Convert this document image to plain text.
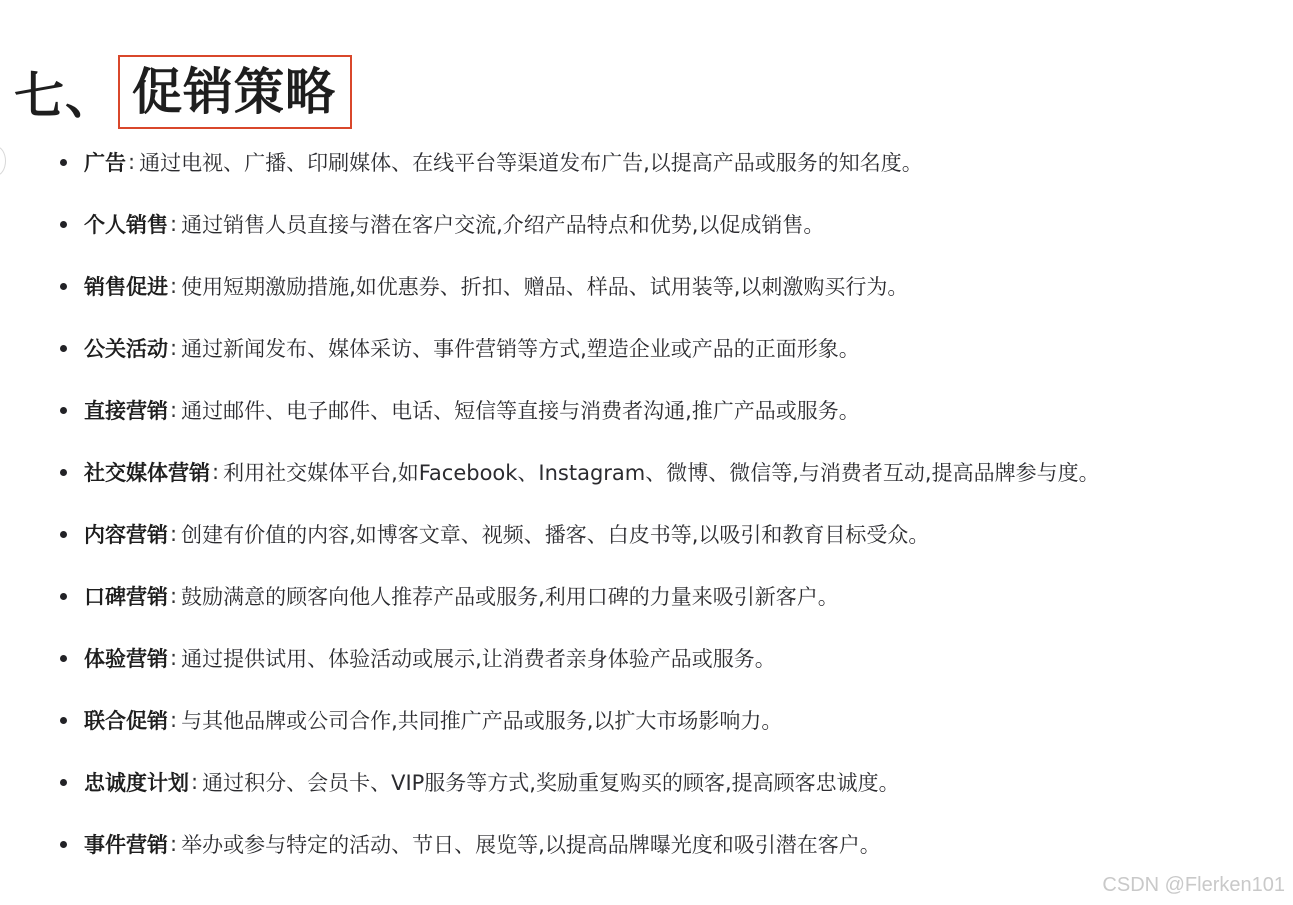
七、 促销策略
广告 : 通过电视、广播、印刷媒体、在线平台等渠道发布广告,以提高产品或服务的知名度。
个人销售 : 通过销售人员直接与潜在客户交流,介绍产品特点和优势,以促成销售。
销售促进 : 使用短期激励措施,如优惠券、折扣、赠品、样品、试用装等,以刺激购买行为。
公关活动 : 通过新闻发布、媒体采访、事件营销等方式,塑造企业或产品的正面形象。
直接营销 : 通过邮件、电子邮件、电话、短信等直接与消费者沟通,推广产品或服务。
社交媒体营销 : 利用社交媒体平台,如Facebook、Instagram、微博、微信等,与消费者互动,提高品牌参与度。
内容营销 : 创建有价值的内容,如博客文章、视频、播客、白皮书等,以吸引和教育目标受众。
口碑营销 : 鼓励满意的顾客向他人推荐产品或服务,利用口碑的力量来吸引新客户。
体验营销 : 通过提供试用、体验活动或展示,让消费者亲身体验产品或服务。
联合促销 : 与其他品牌或公司合作,共同推广产品或服务,以扩大市场影响力。
忠诚度计划 : 通过积分、会员卡、VIP服务等方式,奖励重复购买的顾客,提高顾客忠诚度。
事件营销 : 举办或参与特定的活动、节日、展览等,以提高品牌曝光度和吸引潜在客户。
CSDN @Flerken101
